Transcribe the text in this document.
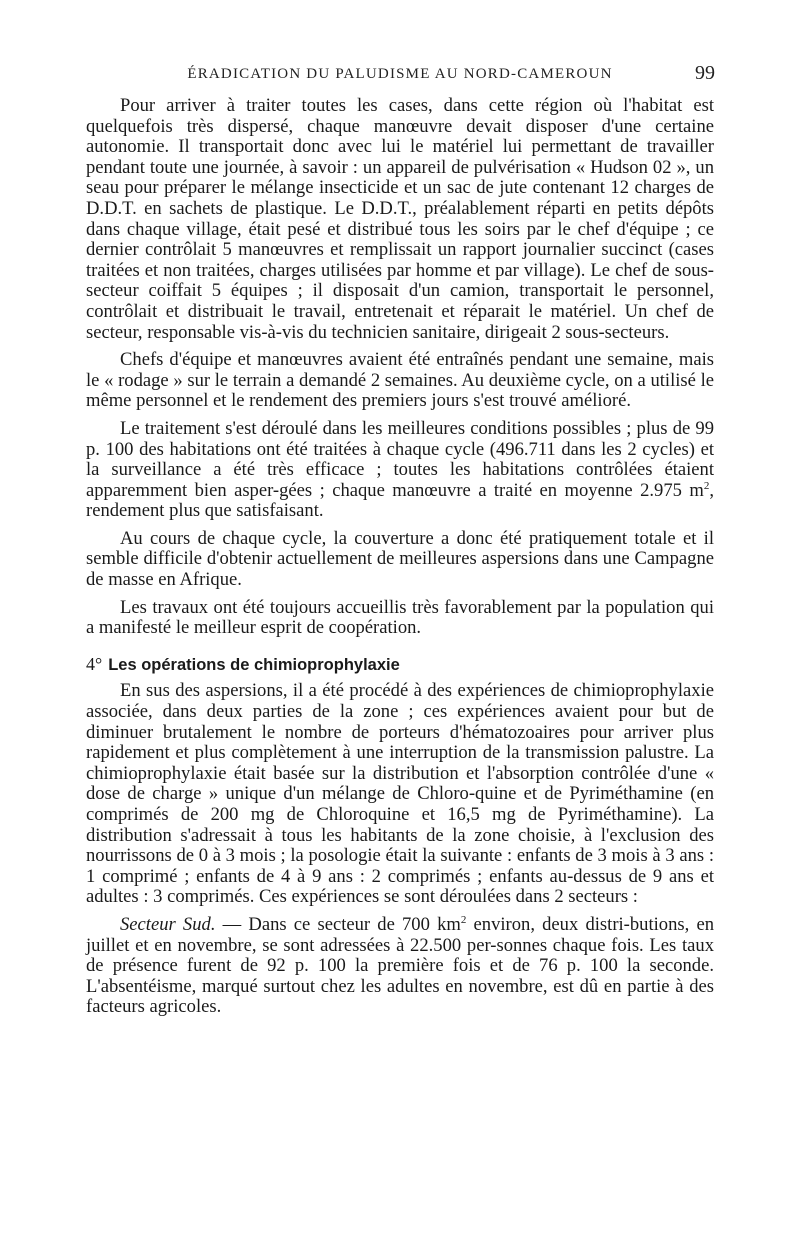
ÉRADICATION DU PALUDISME AU NORD-CAMEROUN	99

Pour arriver à traiter toutes les cases, dans cette région où l'habitat est quelquefois très dispersé, chaque manœuvre devait disposer d'une certaine autonomie. Il transportait donc avec lui le matériel lui permettant de travailler pendant toute une journée, à savoir : un appareil de pulvérisation « Hudson 02 », un seau pour préparer le mélange insecticide et un sac de jute contenant 12 charges de D.D.T. en sachets de plastique. Le D.D.T., préalablement réparti en petits dépôts dans chaque village, était pesé et distribué tous les soirs par le chef d'équipe ; ce dernier contrôlait 5 manœuvres et remplissait un rapport journalier succinct (cases traitées et non traitées, charges utilisées par homme et par village). Le chef de sous-secteur coiffait 5 équipes ; il disposait d'un camion, transportait le personnel, contrôlait et distribuait le travail, entretenait et réparait le matériel. Un chef de secteur, responsable vis-à-vis du technicien sanitaire, dirigeait 2 sous-secteurs.

Chefs d'équipe et manœuvres avaient été entraînés pendant une semaine, mais le « rodage » sur le terrain a demandé 2 semaines. Au deuxième cycle, on a utilisé le même personnel et le rendement des premiers jours s'est trouvé amélioré.

Le traitement s'est déroulé dans les meilleures conditions possibles ; plus de 99 p. 100 des habitations ont été traitées à chaque cycle (496.711 dans les 2 cycles) et la surveillance a été très efficace ; toutes les habitations contrôlées étaient apparemment bien asper-gées ; chaque manœuvre a traité en moyenne 2.975 $m^2$, rendement plus que satisfaisant.

Au cours de chaque cycle, la couverture a donc été pratiquement totale et il semble difficile d'obtenir actuellement de meilleures aspersions dans une Campagne de masse en Afrique.

Les travaux ont été toujours accueillis très favorablement par la population qui a manifesté le meilleur esprit de coopération.

4° Les opérations de chimioprophylaxie

En sus des aspersions, il a été procédé à des expériences de chimioprophylaxie associée, dans deux parties de la zone ; ces expériences avaient pour but de diminuer brutalement le nombre de porteurs d'hématozoaires pour arriver plus rapidement et plus complètement à une interruption de la transmission palustre. La chimioprophylaxie était basée sur la distribution et l'absorption contrôlée d'une « dose de charge » unique d'un mélange de Chloro-quine et de Pyriméthamine (en comprimés de 200 mg de Chloroquine et 16,5 mg de Pyriméthamine). La distribution s'adressait à tous les habitants de la zone choisie, à l'exclusion des nourrissons de 0 à 3 mois ; la posologie était la suivante : enfants de 3 mois à 3 ans : 1 comprimé ; enfants de 4 à 9 ans : 2 comprimés ; enfants au-dessus de 9 ans et adultes : 3 comprimés. Ces expériences se sont déroulées dans 2 secteurs :

Secteur Sud. — Dans ce secteur de 700 $km^2$ environ, deux distri-butions, en juillet et en novembre, se sont adressées à 22.500 per-sonnes chaque fois. Les taux de présence furent de 92 p. 100 la première fois et de 76 p. 100 la seconde. L'absentéisme, marqué surtout chez les adultes en novembre, est dû en partie à des facteurs agricoles.
